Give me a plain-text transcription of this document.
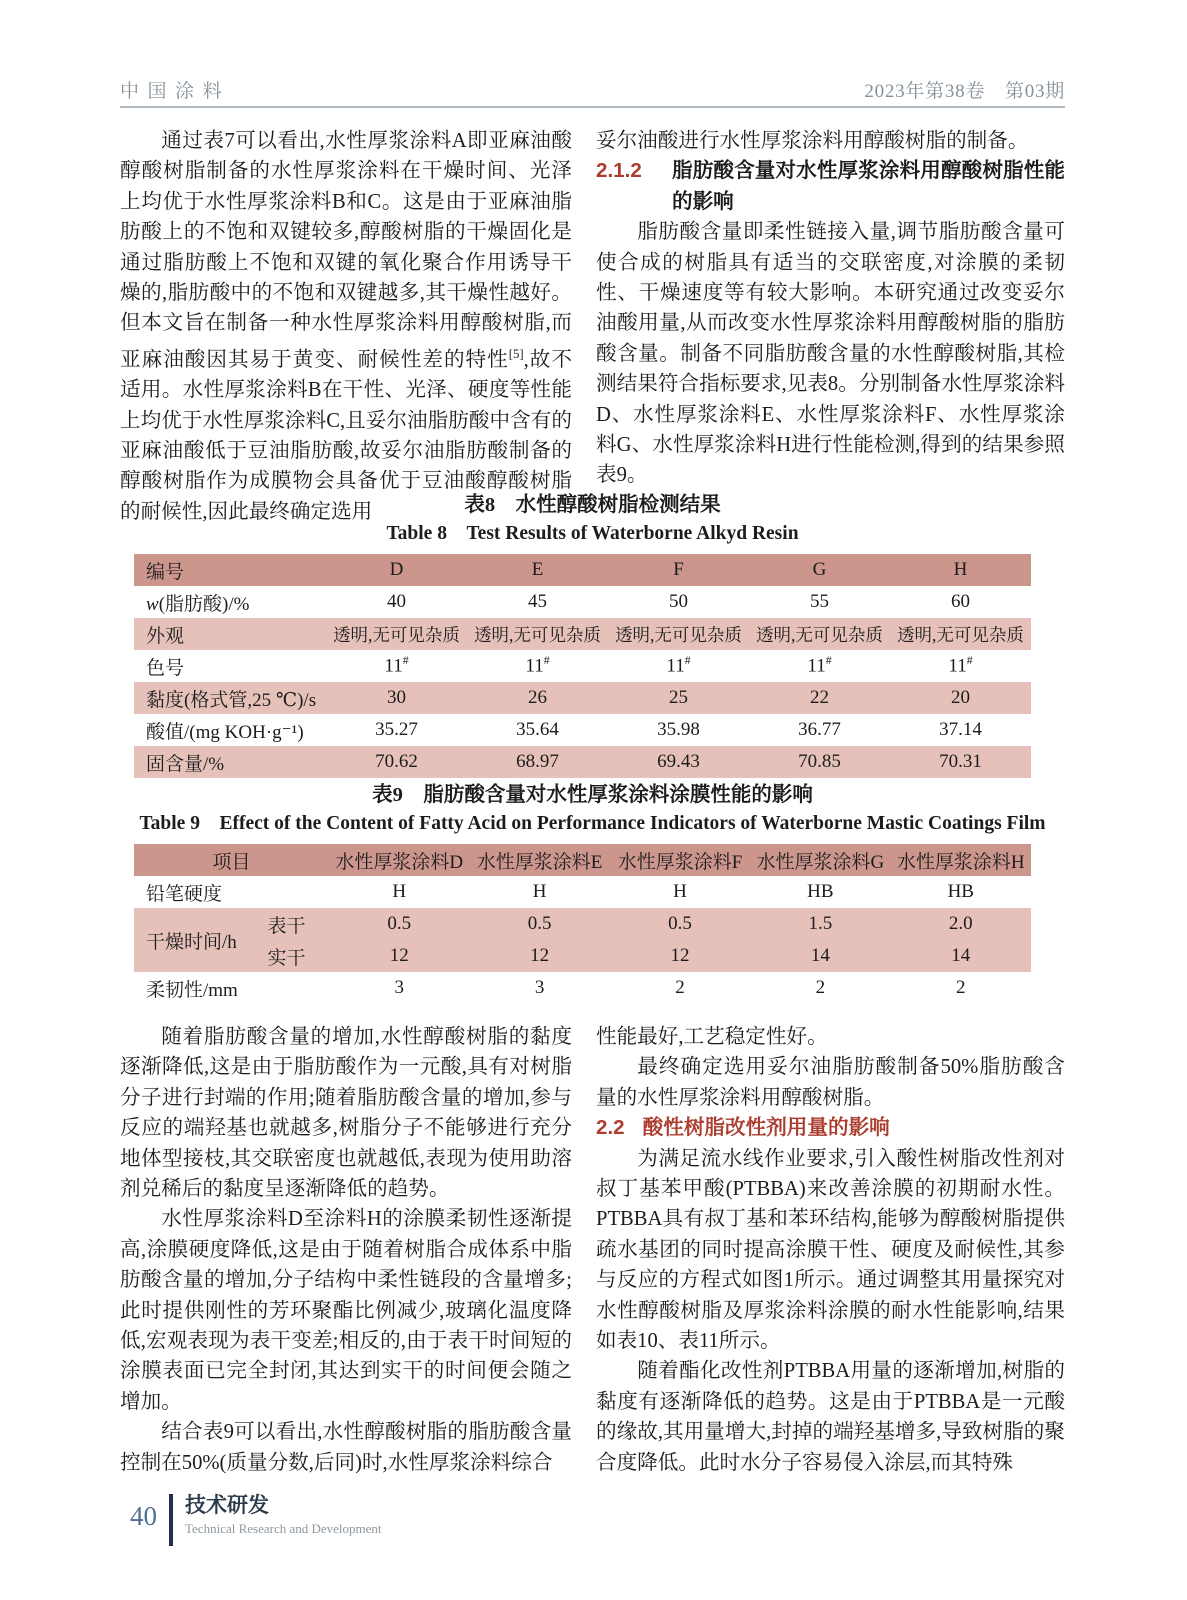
中国涂料	2023年第38卷　第03期

通过表7可以看出,水性厚浆涂料A即亚麻油酸醇酸树脂制备的水性厚浆涂料在干燥时间、光泽上均优于水性厚浆涂料B和C。这是由于亚麻油脂肪酸上的不饱和双键较多,醇酸树脂的干燥固化是通过脂肪酸上不饱和双键的氧化聚合作用诱导干燥的,脂肪酸中的不饱和双键越多,其干燥性越好。但本文旨在制备一种水性厚浆涂料用醇酸树脂,而亚麻油酸因其易于黄变、耐候性差的特性[5],故不适用。水性厚浆涂料B在干性、光泽、硬度等性能上均优于水性厚浆涂料C,且妥尔油脂肪酸中含有的亚麻油酸低于豆油脂肪酸,故妥尔油脂肪酸制备的醇酸树脂作为成膜物会具备优于豆油酸醇酸树脂的耐候性,因此最终确定选用

妥尔油酸进行水性厚浆涂料用醇酸树脂的制备。

2.1.2	脂肪酸含量对水性厚浆涂料用醇酸树脂性能的影响

脂肪酸含量即柔性链接入量,调节脂肪酸含量可使合成的树脂具有适当的交联密度,对涂膜的柔韧性、干燥速度等有较大影响。本研究通过改变妥尔油酸用量,从而改变水性厚浆涂料用醇酸树脂的脂肪酸含量。制备不同脂肪酸含量的水性醇酸树脂,其检测结果符合指标要求,见表8。分别制备水性厚浆涂料D、水性厚浆涂料E、水性厚浆涂料F、水性厚浆涂料G、水性厚浆涂料H进行性能检测,得到的结果参照表9。

表8　水性醇酸树脂检测结果

Table 8　Test Results of Waterborne Alkyd Resin

编号	D	E	F	G	H
w(脂肪酸)/%	40	45	50	55	60
外观	透明,无可见杂质	透明,无可见杂质	透明,无可见杂质	透明,无可见杂质	透明,无可见杂质
色号	11#	11#	11#	11#	11#
黏度(格式管,25 ℃)/s	30	26	25	22	20
酸值/(mg KOH·g⁻¹)	35.27	35.64	35.98	36.77	37.14
固含量/%	70.62	68.97	69.43	70.85	70.31

表9　脂肪酸含量对水性厚浆涂料涂膜性能的影响

Table 9　Effect of the Content of Fatty Acid on Performance Indicators of Waterborne Mastic Coatings Film

项目		水性厚浆涂料D	水性厚浆涂料E	水性厚浆涂料F	水性厚浆涂料G	水性厚浆涂料H
铅笔硬度		H	H	H	HB	HB
干燥时间/h	表干	0.5	0.5	0.5	1.5	2.0
	实干	12	12	12	14	14
柔韧性/mm		3	3	2	2	2

随着脂肪酸含量的增加,水性醇酸树脂的黏度逐渐降低,这是由于脂肪酸作为一元酸,具有对树脂分子进行封端的作用;随着脂肪酸含量的增加,参与反应的端羟基也就越多,树脂分子不能够进行充分地体型接枝,其交联密度也就越低,表现为使用助溶剂兑稀后的黏度呈逐渐降低的趋势。

水性厚浆涂料D至涂料H的涂膜柔韧性逐渐提高,涂膜硬度降低,这是由于随着树脂合成体系中脂肪酸含量的增加,分子结构中柔性链段的含量增多;此时提供刚性的芳环聚酯比例减少,玻璃化温度降低,宏观表现为表干变差;相反的,由于表干时间短的涂膜表面已完全封闭,其达到实干的时间便会随之增加。

结合表9可以看出,水性醇酸树脂的脂肪酸含量控制在50%(质量分数,后同)时,水性厚浆涂料综合

性能最好,工艺稳定性好。

最终确定选用妥尔油脂肪酸制备50%脂肪酸含量的水性厚浆涂料用醇酸树脂。

2.2 酸性树脂改性剂用量的影响

为满足流水线作业要求,引入酸性树脂改性剂对叔丁基苯甲酸(PTBBA)来改善涂膜的初期耐水性。PTBBA具有叔丁基和苯环结构,能够为醇酸树脂提供疏水基团的同时提高涂膜干性、硬度及耐候性,其参与反应的方程式如图1所示。通过调整其用量探究对水性醇酸树脂及厚浆涂料涂膜的耐水性能影响,结果如表10、表11所示。

随着酯化改性剂PTBBA用量的逐渐增加,树脂的黏度有逐渐降低的趋势。这是由于PTBBA是一元酸的缘故,其用量增大,封掉的端羟基增多,导致树脂的聚合度降低。此时水分子容易侵入涂层,而其特殊

40 技术研发
Technical Research and Development
